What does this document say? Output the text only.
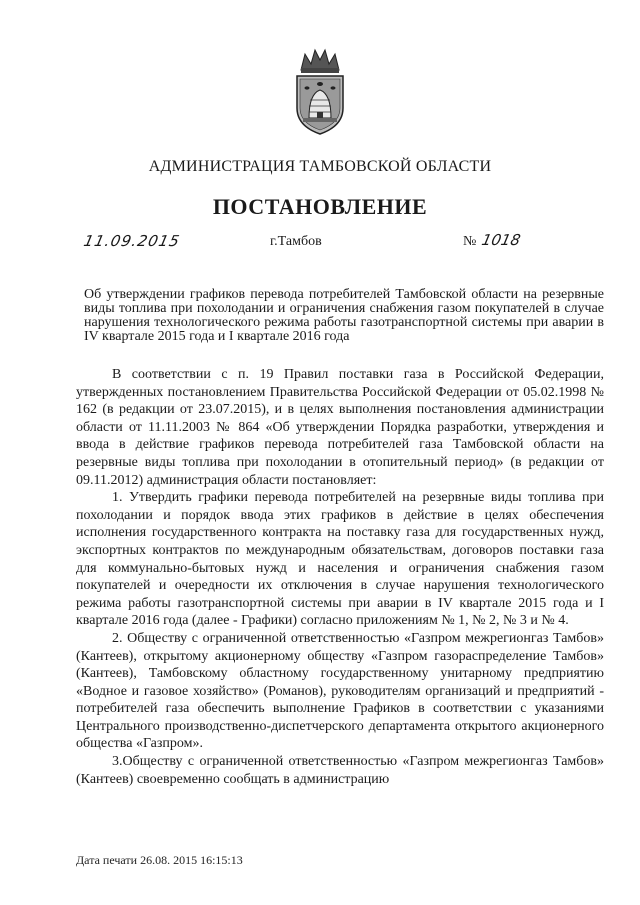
АДМИНИСТРАЦИЯ ТАМБОВСКОЙ ОБЛАСТИ
ПОСТАНОВЛЕНИЕ
11.09.2015	г.Тамбов	№ 1018
Об утверждении графиков перевода потребителей Тамбовской области на резервные виды топлива при похолодании и ограничения снабжения газом покупателей в случае нарушения технологического режима работы газотранспортной системы при аварии в IV квартале 2015 года и I квартале 2016 года

В соответствии с п. 19 Правил поставки газа в Российской Федерации, утвержденных постановлением Правительства Российской Федерации от 05.02.1998 № 162 (в редакции от 23.07.2015), и в целях выполнения постановления администрации области от 11.11.2003 № 864 «Об утверждении Порядка разработки, утверждения и ввода в действие графиков перевода потребителей газа Тамбовской области на резервные виды топлива при похолодании в отопительный период» (в редакции от 09.11.2012) администрация области постановляет:

1. Утвердить графики перевода потребителей на резервные виды топлива при похолодании и порядок ввода этих графиков в действие в целях обеспечения исполнения государственного контракта на поставку газа для государственных нужд, экспортных контрактов по международным обязательствам, договоров поставки газа для коммунально-бытовых нужд и населения и ограничения снабжения газом покупателей и очередности их отключения в случае нарушения технологического режима работы газотранспортной системы при аварии в IV квартале 2015 года и I квартале 2016 года (далее - Графики) согласно приложениям № 1, № 2, № 3 и № 4.

2. Обществу с ограниченной ответственностью «Газпром межрегионгаз Тамбов» (Кантеев), открытому акционерному обществу «Газпром газораспределение Тамбов» (Кантеев), Тамбовскому областному государственному унитарному предприятию «Водное и газовое хозяйство» (Романов), руководителям организаций и предприятий - потребителей газа обеспечить выполнение Графиков в соответствии с указаниями Центрального производственно-диспетчерского департамента открытого акционерного общества «Газпром».

3.Обществу с ограниченной ответственностью «Газпром межрегионгаз Тамбов» (Кантеев) своевременно сообщать в администрацию

Дата печати 26.08. 2015 16:15:13
